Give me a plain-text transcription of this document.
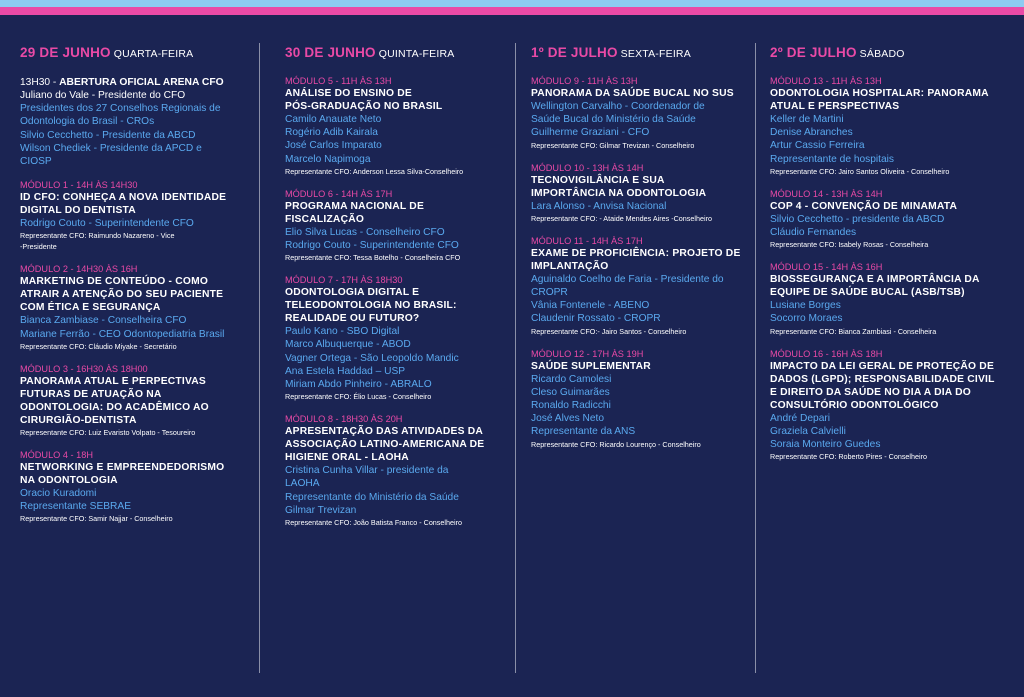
29 DE JUNHO QUARTA-FEIRA
13H30 - ABERTURA OFICIAL ARENA CFO
Juliano do Vale - Presidente do CFO
Presidentes dos 27 Conselhos Regionais de
Odontologia do Brasil - CROs
Silvio Cecchetto - Presidente da ABCD
Wilson Chediek - Presidente da APCD e
CIOSP
MÓDULO 1 - 14H ÀS 14H30
ID CFO: CONHEÇA A NOVA IDENTIDADE
DIGITAL DO DENTISTA
Rodrigo Couto - Superintendente CFO
Representante CFO: Raimundo Nazareno - Vice
-Presidente
MÓDULO 2 - 14H30 ÀS 16H
MARKETING DE CONTEÚDO - COMO
ATRAIR A ATENÇÃO DO SEU PACIENTE
COM ÉTICA E SEGURANÇA
Bianca Zambiase - Conselheira CFO
Mariane Ferrão - CEO Odontopediatria Brasil
Representante CFO: Cláudio Miyake - Secretário
MÓDULO 3 - 16H30 ÀS 18H00
PANORAMA ATUAL E PERPECTIVAS
FUTURAS DE ATUAÇÃO NA
ODONTOLOGIA: DO ACADÊMICO AO
CIRURGIÃO-DENTISTA
Representante CFO: Luiz Evaristo Volpato - Tesoureiro
MÓDULO 4 - 18H
NETWORKING E EMPREENDEDORISMO
NA ODONTOLOGIA
Oracio Kuradomi
Representante SEBRAE
Representante CFO: Samir Najjar - Conselheiro
30 DE JUNHO QUINTA-FEIRA
MÓDULO 5 - 11H ÀS 13H
ANÁLISE DO ENSINO DE
PÓS-GRADUAÇÃO NO BRASIL
Camilo Anauate Neto
Rogério Adib Kairala
José Carlos Imparato
Marcelo Napimoga
Representante CFO: Anderson Lessa Silva-Conselheiro
MÓDULO 6 - 14H ÀS 17H
PROGRAMA NACIONAL DE
FISCALIZAÇÃO
Elio Silva Lucas - Conselheiro CFO
Rodrigo Couto - Superintendente CFO
Representante CFO: Tessa Botelho - Conselheira CFO
MÓDULO 7 - 17H ÀS 18H30
ODONTOLOGIA DIGITAL E
TELEODONTOLOGIA NO BRASIL:
REALIDADE OU FUTURO?
Paulo Kano - SBO Digital
Marco Albuquerque - ABOD
Vagner Ortega - São Leopoldo Mandic
Ana Estela Haddad – USP
Miriam Abdo Pinheiro - ABRALO
Representante CFO: Élio Lucas - Conselheiro
MÓDULO 8 - 18H30 ÀS 20H
APRESENTAÇÃO DAS ATIVIDADES DA
ASSOCIAÇÃO LATINO-AMERICANA DE
HIGIENE ORAL - LAOHA
Cristina Cunha Villar - presidente da
LAOHA
Representante do Ministério da Saúde
Gilmar Trevizan
Representante CFO: João Batista Franco - Conselheiro
1º DE JULHO SEXTA-FEIRA
MÓDULO 9 - 11H ÀS 13H
PANORAMA DA SAÚDE BUCAL NO SUS
Wellington Carvalho - Coordenador de
Saúde Bucal do Ministério da Saúde
Guilherme Graziani - CFO
Representante CFO: Gilmar Trevizan - Conselheiro
MÓDULO 10 - 13H ÀS 14H
TECNOVIGILÂNCIA E SUA
IMPORTÂNCIA NA ODONTOLOGIA
Lara Alonso - Anvisa Nacional
Representante CFO: - Ataide Mendes Aires -Conselheiro
MÓDULO 11 - 14H ÀS 17H
EXAME DE PROFICIÊNCIA: PROJETO DE
IMPLANTAÇÃO
Aguinaldo Coelho de Faria - Presidente do
CROPR
Vânia Fontenele - ABENO
Claudenir Rossato - CROPR
Representante CFO:- Jairo Santos - Conselheiro
MÓDULO 12 - 17H ÀS 19H
SAÚDE SUPLEMENTAR
Ricardo Camolesi
Cleso Guimarães
Ronaldo Radicchi
José Alves Neto
Representante da ANS
Representante CFO: Ricardo Lourenço - Conselheiro
2º DE JULHO SÁBADO
MÓDULO 13 - 11H ÀS 13H
ODONTOLOGIA HOSPITALAR: PANORAMA
ATUAL E PERSPECTIVAS
Keller de Martini
Denise Abranches
Artur Cassio Ferreira
Representante de hospitais
Representante CFO: Jairo Santos Oliveira - Conselheiro
MÓDULO 14 - 13H ÀS 14H
COP 4 - CONVENÇÃO DE MINAMATA
Silvio Cecchetto - presidente da ABCD
Cláudio Fernandes
Representante CFO: Isabely Rosas - Conselheira
MÓDULO 15 - 14H ÀS 16H
BIOSSEGURANÇA E A IMPORTÂNCIA DA
EQUIPE DE SAÚDE BUCAL (ASB/TSB)
Lusiane Borges
Socorro Moraes
Representante CFO: Bianca Zambiasi - Conselheira
MÓDULO 16 - 16H ÀS 18H
IMPACTO DA LEI GERAL DE PROTEÇÃO DE
DADOS (LGPD); RESPONSABILIDADE CIVIL
E DIREITO DA SAÚDE NO DIA A DIA DO
CONSULTÓRIO ODONTOLÓGICO
André Depari
Graziela Calvielli
Soraia Monteiro Guedes
Representante CFO: Roberto Pires - Conselheiro
